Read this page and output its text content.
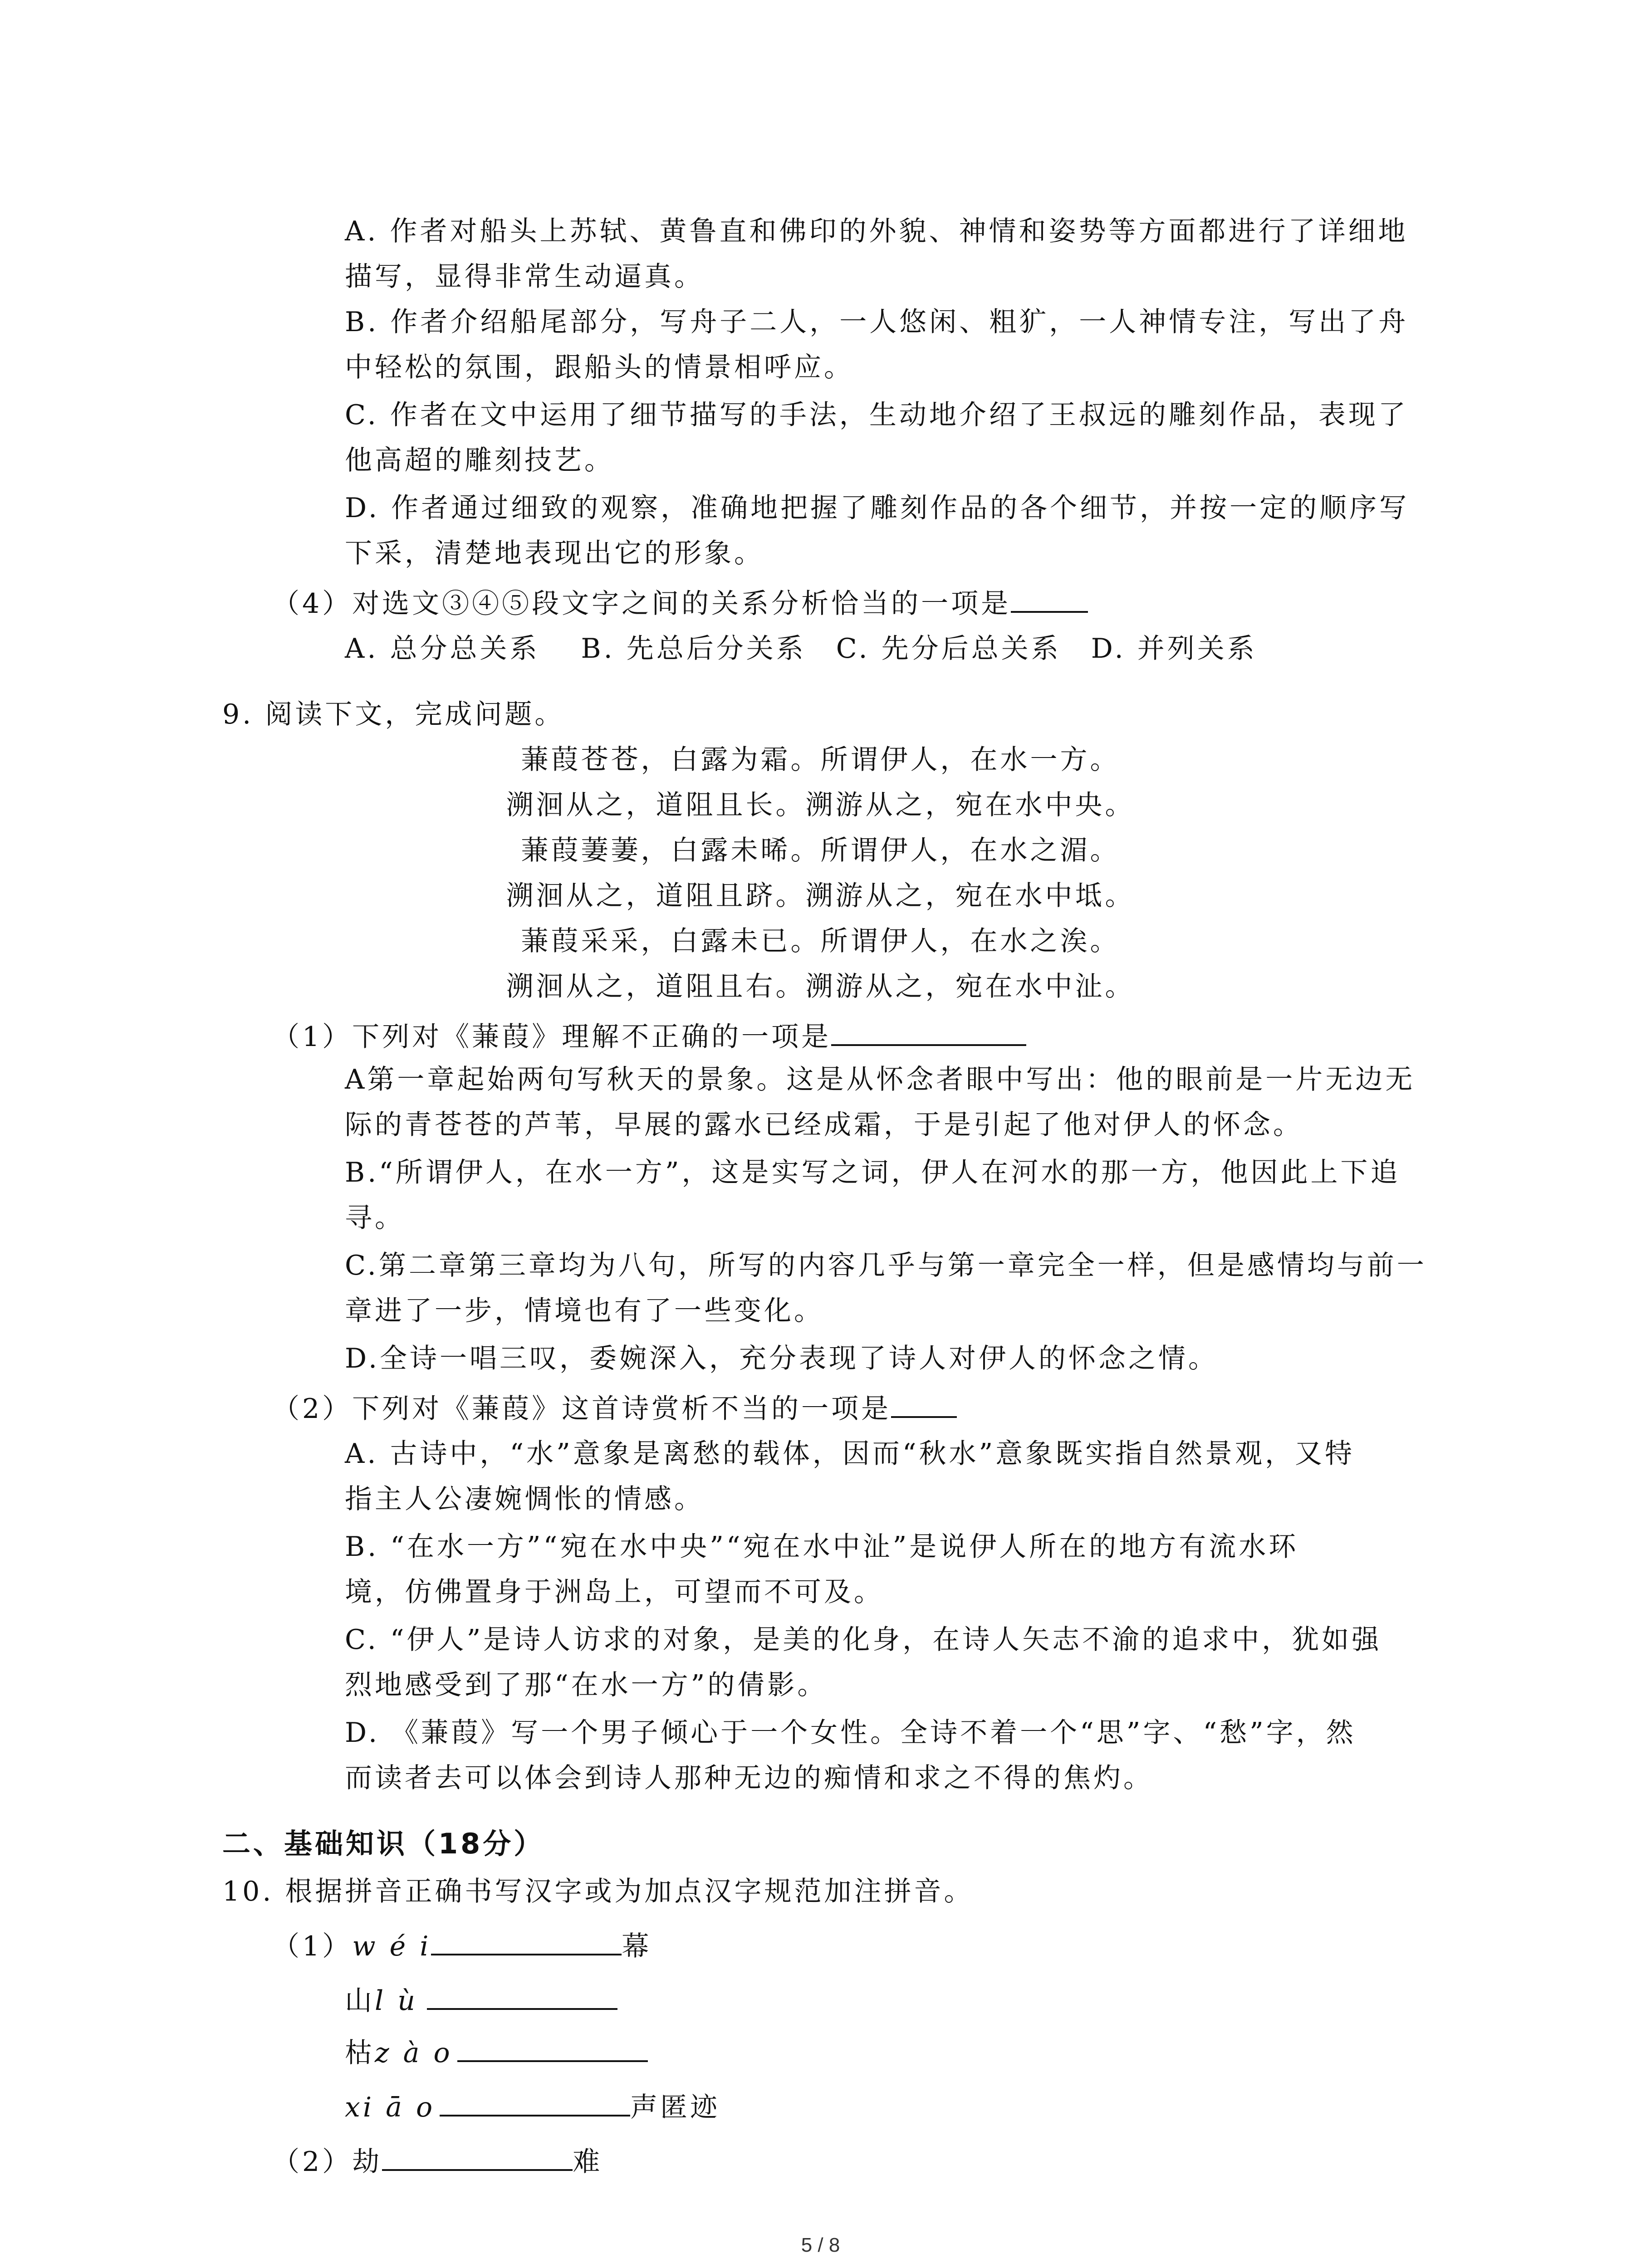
A. 作者对船头上苏轼、黄鲁直和佛印的外貌、神情和姿势等方面都进行了详细地
描写，显得非常生动逼真。
B. 作者介绍船尾部分，写舟子二人，一人悠闲、粗犷，一人神情专注，写出了舟
中轻松的氛围，跟船头的情景相呼应。
C. 作者在文中运用了细节描写的手法，生动地介绍了王叔远的雕刻作品，表现了
他高超的雕刻技艺。
D. 作者通过细致的观察，准确地把握了雕刻作品的各个细节，并按一定的顺序写
下采，清楚地表现出它的形象。
（4）对选文③④⑤段文字之间的关系分析恰当的一项是
A. 总分总关系　 B. 先总后分关系　C. 先分后总关系　D. 并列关系
9. 阅读下文，完成问题。
蒹葭苍苍，白露为霜。所谓伊人，在水一方。
溯洄从之，道阻且长。溯游从之，宛在水中央。
蒹葭萋萋，白露未晞。所谓伊人，在水之湄。
溯洄从之，道阻且跻。溯游从之，宛在水中坻。
蒹葭采采，白露未已。所谓伊人，在水之涘。
溯洄从之，道阻且右。溯游从之，宛在水中沚。
（1）下列对《蒹葭》理解不正确的一项是
A第一章起始两句写秋天的景象。这是从怀念者眼中写出：他的眼前是一片无边无
际的青苍苍的芦苇，早展的露水已经成霜，于是引起了他对伊人的怀念。
B.“所谓伊人，在水一方”，这是实写之词，伊人在河水的那一方，他因此上下追
寻。
C.第二章第三章均为八句，所写的内容几乎与第一章完全一样，但是感情均与前一
章进了一步，情境也有了一些变化。
D.全诗一唱三叹，委婉深入，充分表现了诗人对伊人的怀念之情。
（2）下列对《蒹葭》这首诗赏析不当的一项是
A. 古诗中，“水”意象是离愁的载体，因而“秋水”意象既实指自然景观，又特
指主人公凄婉惆怅的情感。
B. “在水一方”“宛在水中央”“宛在水中沚”是说伊人所在的地方有流水环
境，仿佛置身于洲岛上，可望而不可及。
C. “伊人”是诗人访求的对象，是美的化身，在诗人矢志不渝的追求中，犹如强
烈地感受到了那“在水一方”的倩影。
D. 《蒹葭》写一个男子倾心于一个女性。全诗不着一个“思”字、“愁”字，然
而读者去可以体会到诗人那种无边的痴情和求之不得的焦灼。
二、基础知识（18分）
10. 根据拼音正确书写汉字或为加点汉字规范加注拼音。
（1）w é i	幕
山l ù
枯z à o
xi ā o	声匿迹
（2）劫	难
5 / 8
